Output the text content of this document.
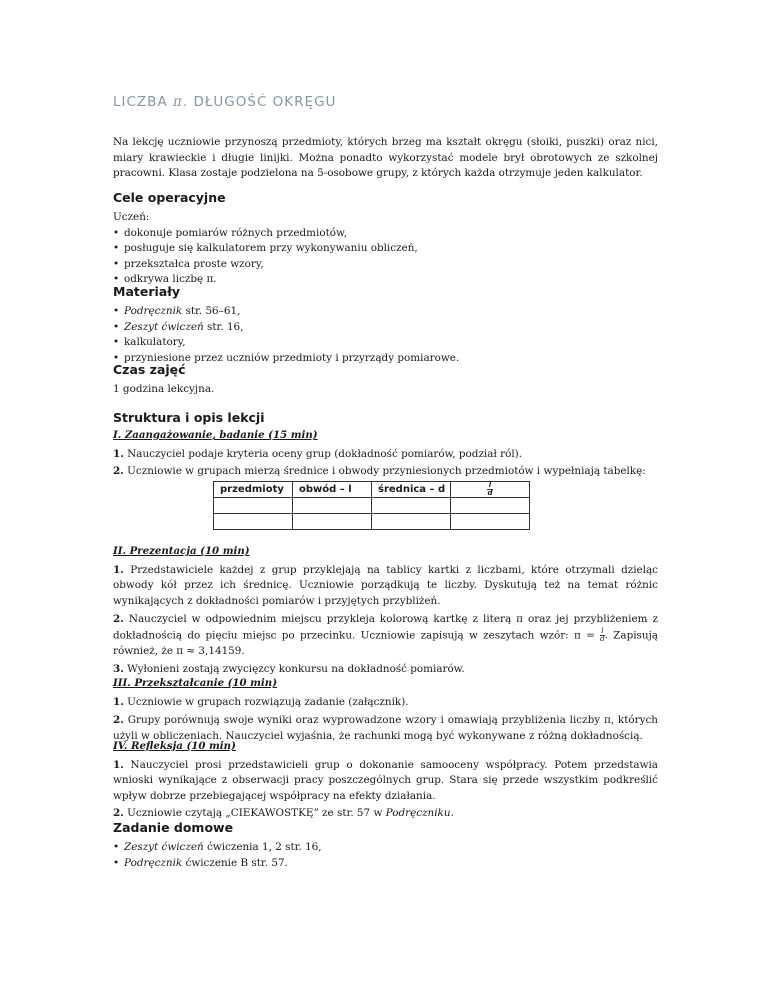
LICZBA π. DŁUGOŚĆ OKRĘGU
Na lekcję uczniowie przynoszą przedmioty, których brzeg ma kształt okręgu (słoiki, puszki) oraz nici, miary krawieckie i długie linijki. Można ponadto wykorzystać modele brył obrotowych ze szkolnej pracowni. Klasa zostaje podzielona na 5-osobowe grupy, z których każda otrzymuje jeden kalkulator.
Cele operacyjne
Uczeń:
• dokonuje pomiarów różnych przedmiotów,
• posługuje się kalkulatorem przy wykonywaniu obliczeń,
• przekształca proste wzory,
• odkrywa liczbę π.
Materiały
• Podręcznik str. 56–61,
• Zeszyt ćwiczeń str. 16,
• kalkulatory,
• przyniesione przez uczniów przedmioty i przyrządy pomiarowe.
Czas zajęć
1 godzina lekcyjna.
Struktura i opis lekcji
I. Zaangażowanie, badanie (15 min)
1. Nauczyciel podaje kryteria oceny grup (dokładność pomiarów, podział ról).
2. Uczniowie w grupach mierzą średnice i obwody przyniesionych przedmiotów i wypełniają tabelkę:
przedmioty	obwód – l	średnica – d	$\frac{l}{d}$

II. Prezentacja (10 min)
1. Przedstawiciele każdej z grup przyklejają na tablicy kartki z liczbami, które otrzymali dzieląc obwody kół przez ich średnicę. Uczniowie porządkują te liczby. Dyskutują też na temat różnic wynikających z dokładności pomiarów i przyjętych przybliżeń.
2. Nauczyciel w odpowiednim miejscu przykleja kolorową kartkę z literą π oraz jej przybliżeniem z dokładnością do pięciu miejsc po przecinku. Uczniowie zapisują w zeszytach wzór: $\pi = \frac{l}{d}$ . Zapisują również, że π ≈ 3,14159.
3. Wyłonieni zostają zwycięzcy konkursu na dokładność pomiarów.
III. Przekształcanie (10 min)
1. Uczniowie w grupach rozwiązują zadanie (załącznik).
2. Grupy porównują swoje wyniki oraz wyprowadzone wzory i omawiają przybliżenia liczby π, których użyli w obliczeniach. Nauczyciel wyjaśnia, że rachunki mogą być wykonywane z różną dokładnością.
IV. Refleksja (10 min)
1. Nauczyciel prosi przedstawicieli grup o dokonanie samooceny współpracy. Potem przedstawia wnioski wynikające z obserwacji pracy poszczególnych grup. Stara się przede wszystkim podkreślić wpływ dobrze przebiegającej współpracy na efekty działania.
2. Uczniowie czytają „CIEKAWOSTKĘ” ze str. 57 w Podręczniku.
Zadanie domowe
• Zeszyt ćwiczeń ćwiczenia 1, 2 str. 16,
• Podręcznik ćwiczenie B str. 57.
